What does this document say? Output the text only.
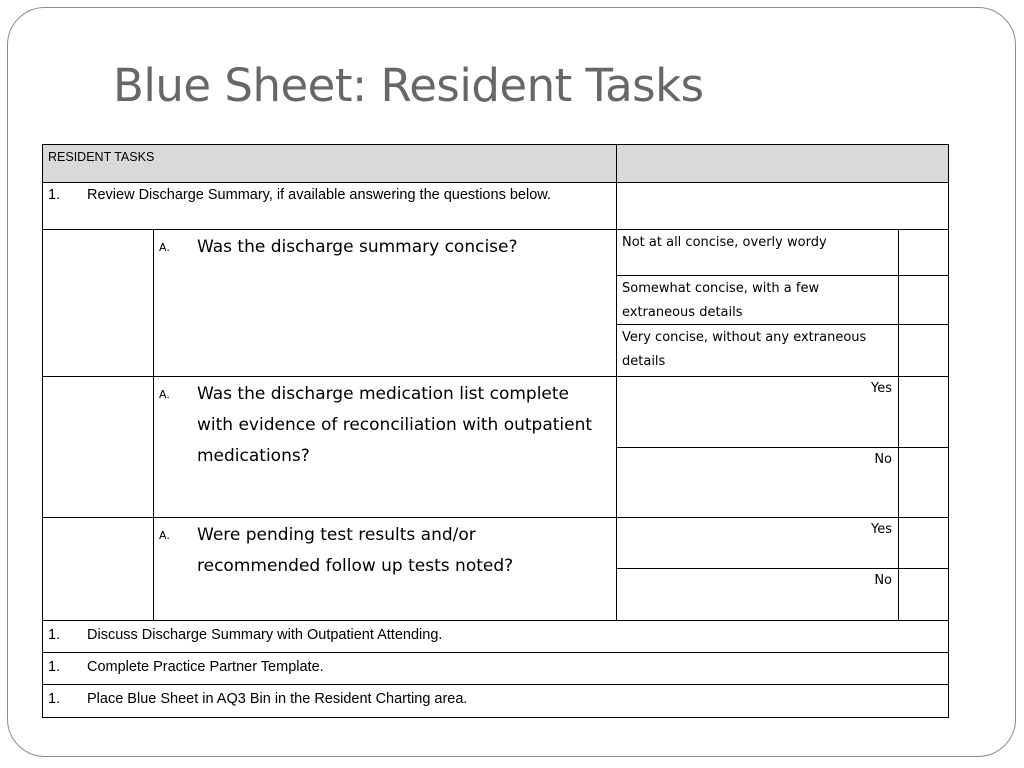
Blue Sheet: Resident Tasks
RESIDENT TASKS			

1. Review Discharge Summary, if available answering the questions below.			

	A. Was the discharge summary concise?	Not at all concise, overly wordy	

		Somewhat concise, with a few extraneous details	

		Very concise, without any extraneous details	

	A. Was the discharge medication list complete with evidence of reconciliation with outpatient medications?	Yes	

		No	

	A. Were pending test results and/or recommended follow up tests noted?	Yes	

		No	

1. Discuss Discharge Summary with Outpatient Attending.			

1. Complete Practice Partner Template.			

1. Place Blue Sheet in AQ3 Bin in the Resident Charting area.			
